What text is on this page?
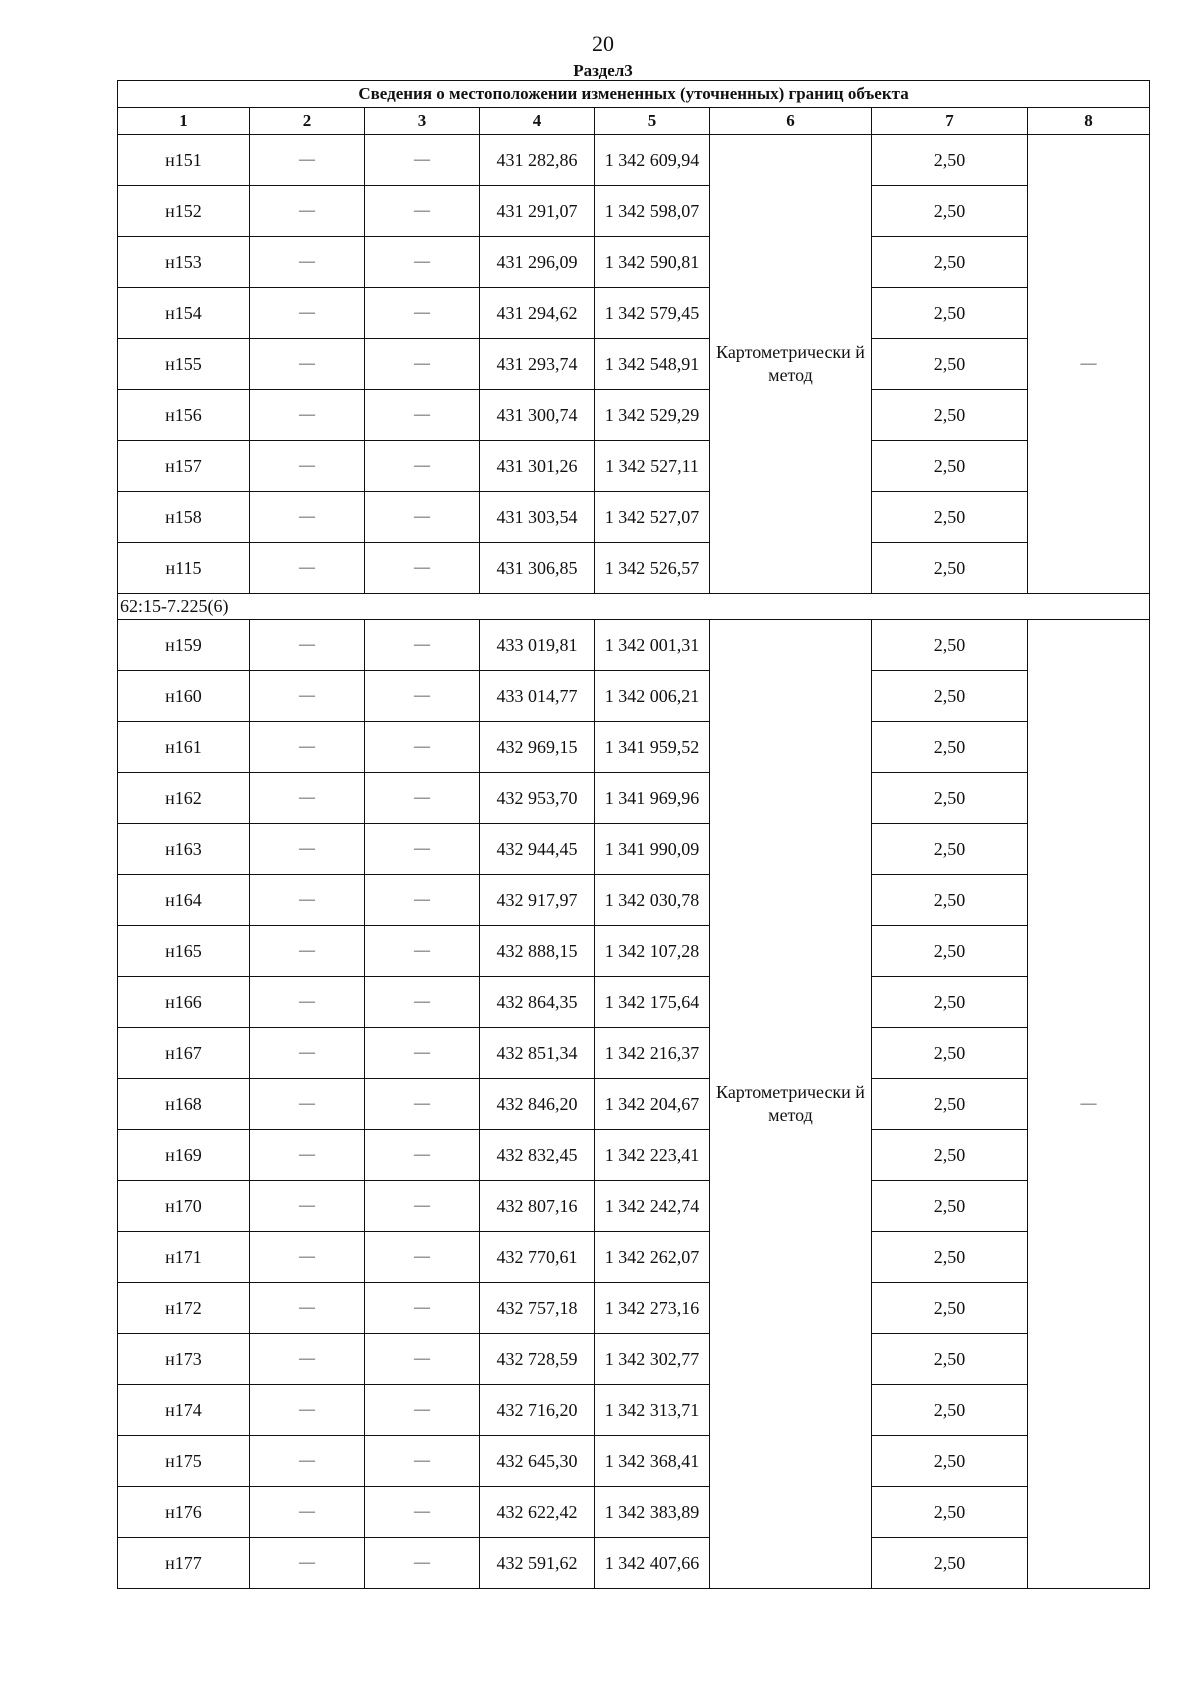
20
Раздел3
Сведения о местоположении измененных (уточненных) границ объекта							
1	2	3	4	5	6	7	8
н151	—	—	431 282,86	1 342 609,94	Картометрически й метод	2,50	—
н152	—	—	431 291,07	1 342 598,07		2,50	
н153	—	—	431 296,09	1 342 590,81		2,50	
н154	—	—	431 294,62	1 342 579,45		2,50	
н155	—	—	431 293,74	1 342 548,91		2,50	
н156	—	—	431 300,74	1 342 529,29		2,50	
н157	—	—	431 301,26	1 342 527,11		2,50	
н158	—	—	431 303,54	1 342 527,07		2,50	
н115	—	—	431 306,85	1 342 526,57		2,50	
62:15-7.225(6)							
н159	—	—	433 019,81	1 342 001,31	Картометрически й метод	2,50	—
н160	—	—	433 014,77	1 342 006,21		2,50	
н161	—	—	432 969,15	1 341 959,52		2,50	
н162	—	—	432 953,70	1 341 969,96		2,50	
н163	—	—	432 944,45	1 341 990,09		2,50	
н164	—	—	432 917,97	1 342 030,78		2,50	
н165	—	—	432 888,15	1 342 107,28		2,50	
н166	—	—	432 864,35	1 342 175,64		2,50	
н167	—	—	432 851,34	1 342 216,37		2,50	
н168	—	—	432 846,20	1 342 204,67		2,50	
н169	—	—	432 832,45	1 342 223,41		2,50	
н170	—	—	432 807,16	1 342 242,74		2,50	
н171	—	—	432 770,61	1 342 262,07		2,50	
н172	—	—	432 757,18	1 342 273,16		2,50	
н173	—	—	432 728,59	1 342 302,77		2,50	
н174	—	—	432 716,20	1 342 313,71		2,50	
н175	—	—	432 645,30	1 342 368,41		2,50	
н176	—	—	432 622,42	1 342 383,89		2,50	
н177	—	—	432 591,62	1 342 407,66		2,50	
